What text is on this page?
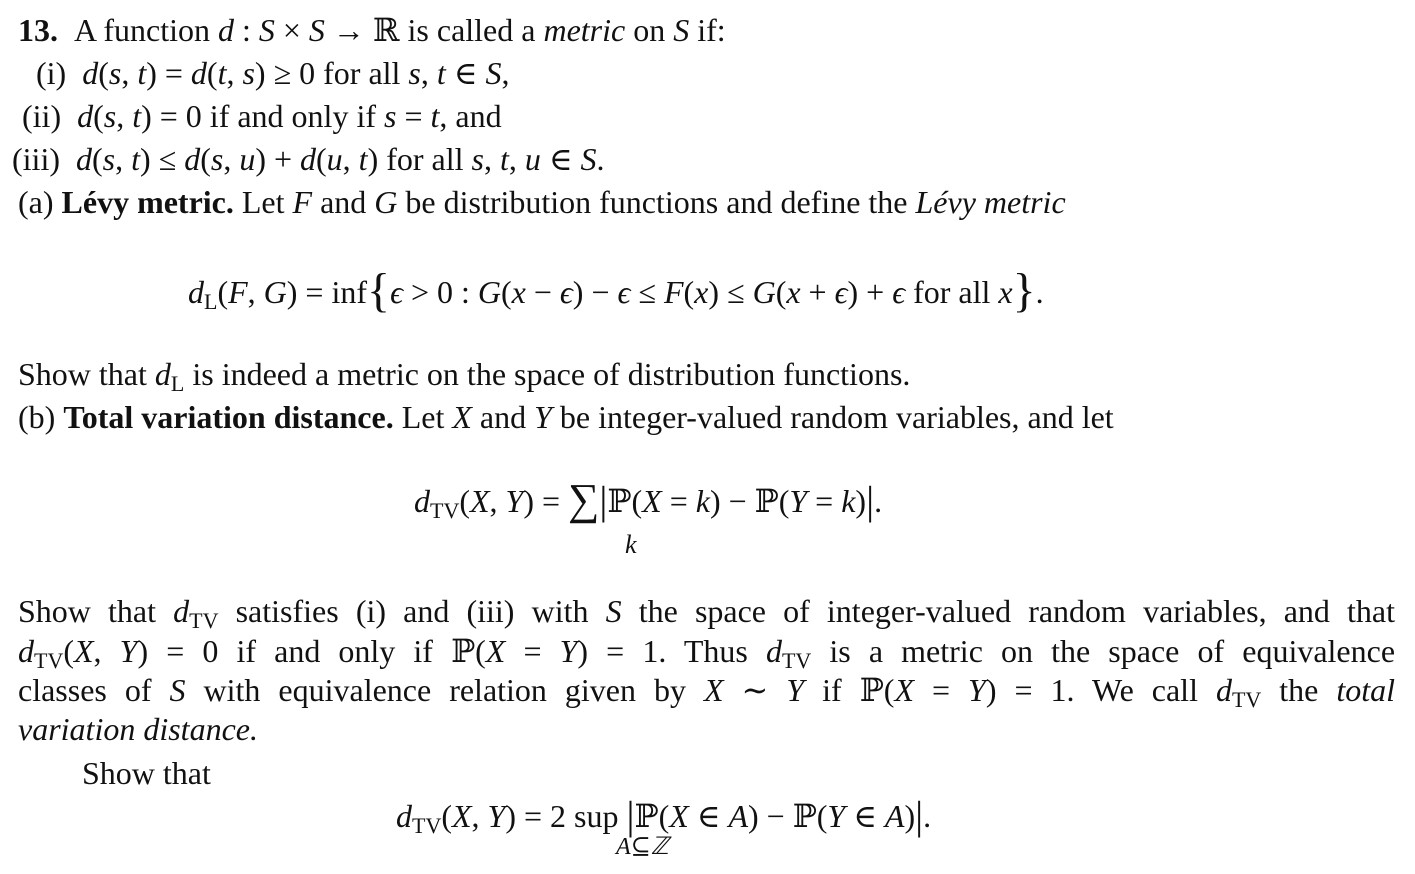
13.  A function d : S × S → ℝ is called a metric on S if:
(i) d(s, t) = d(t, s) ≥ 0 for all s, t ∈ S,
(ii) d(s, t) = 0 if and only if s = t, and
(iii) d(s, t) ≤ d(s, u) + d(u, t) for all s, t, u ∈ S.
(a) Lévy metric. Let F and G be distribution functions and define the Lévy metric
$d_L(F$, G) = inf{ϵ > 0 : G(x − ϵ) − ϵ ≤ F(x) ≤ G(x + ϵ) + ϵ for all x}.
Show that $d_L$ is indeed a metric on the space of distribution functions.
(b) Total variation distance. Let X and Y be integer-valued random variables, and let
$d_{TV}(X$, Y) = ∑|ℙ(X = k) − ℙ(Y = k)|.
k
Show that $d_{TV}$ satisfies (i) and (iii) with S the space of integer-valued random variables, and that
$d_{TV}(X$, Y) = 0 if and only if ℙ(X = Y) = 1. Thus $d_{TV}$ is a metric on the space of equivalence
classes of S with equivalence relation given by X ∼ Y if ℙ(X = Y) = 1. We call $d_{TV}$ the total
variation distance.
Show that
$d_{TV}(X$, Y) = 2 sup |ℙ(X ∈ A) − ℙ(Y ∈ A)|.
A⊆ℤ
